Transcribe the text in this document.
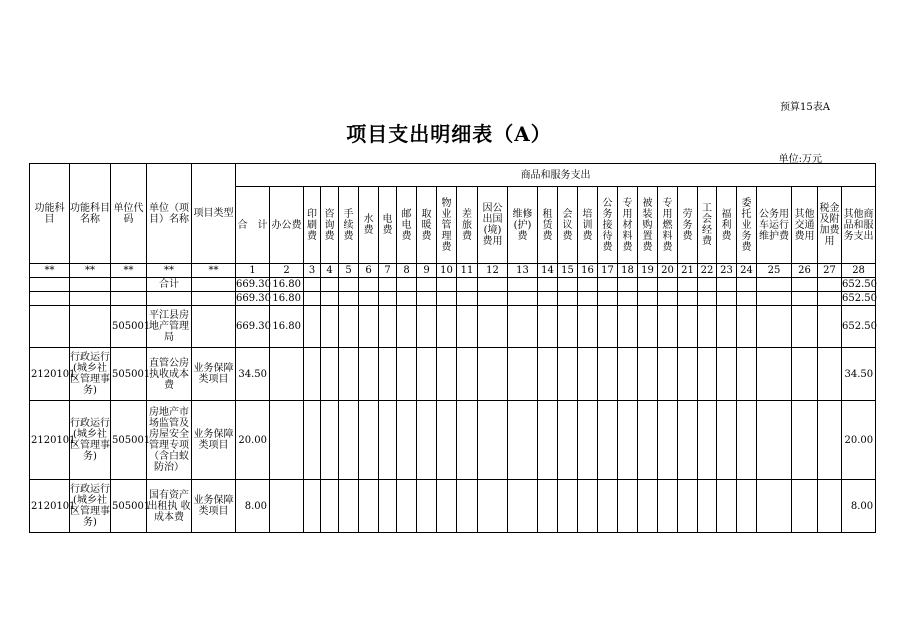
预算15表A
项目支出明细表（A）
单位:万元
功能科目	功能科目名称	单位代码	单位（项目）名称	项目类型	商品和服务支出																											
					合　计	办公费	印刷费	咨询费	手续费	水费	电费	邮电费	取暖费	物业管理费	差旅费	因公出国(境)费用	维修(护)费	租赁费	会议费	培训费	公务接待费	专用材料费	被装购置费	专用燃料费	劳务费	工会经费	福利费	委托业务费	公务用车运行维护费	其他交通费用	税金及附加费用	其他商品和服务支出
**	**	**	**	**	1	2	3	4	5	6	7	8	9	10	11	12	13	14	15	16	17	18	19	20	21	22	23	24	25	26	27	28
			合计		669.30	16.80																										652.50
					669.30	16.80																										652.50
		505001	平江县房地产管理局		669.30	16.80																										652.50
2120101	行政运行(城乡社区管理事务)	505001	直管公房执收成本费	业务保障类项目	34.50																											34.50
2120101	行政运行(城乡社区管理事务)	505001	房地产市场监管及房屋安全管理专项（含白蚁防治）	业务保障类项目	20.00																											20.00
2120101	行政运行(城乡社区管理事务)	505001	国有资产出租执 收成本费	业务保障类项目	8.00																											8.00
